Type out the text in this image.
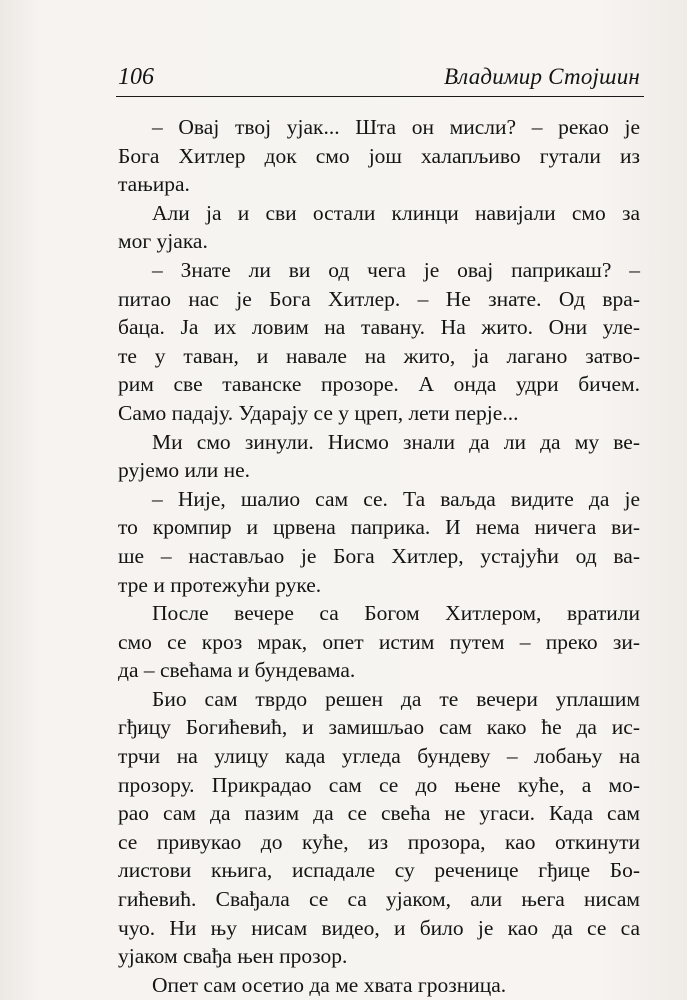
106	Владимир Стојшин

– Овај твој ујак... Шта он мисли? – рекао је
Бога Хитлер док смо још халапљиво гутали из
тањира.

Али ја и сви остали клинци навијали смо за
мог ујака.

– Знате ли ви од чега је овај паприкаш? –
питао нас је Бога Хитлер. – Не знате. Од вра-
баца. Ја их ловим на тавану. На жито. Они уле-
те у таван, и навале на жито, ја лагано затво-
рим све таванске прозоре. А онда удри бичем.
Само падају. Ударају се у цреп, лети перје...

Ми смо зинули. Нисмо знали да ли да му ве-
рујемо или не.

– Није, шалио сам се. Та ваљда видите да је
то кромпир и црвена паприка. И нема ничега ви-
ше – настављао је Бога Хитлер, устајући од ва-
тре и протежући руке.

После вечере са Богом Хитлером, вратили
смо се кроз мрак, опет истим путем – преко зи-
да – свећама и бундевама.

Био сам тврдо решен да те вечери уплашим
гђицу Богићевић, и замишљао сам како ће да ис-
трчи на улицу када угледа бундеву – лобању на
прозору. Прикрадао сам се до њене куће, а мо-
рао сам да пазим да се свећа не угаси. Када сам
се привукао до куће, из прозора, као откинути
листови књига, испадале су реченице гђице Бо-
гићевић. Свађала се са ујаком, али њега нисам
чуо. Ни њу нисам видео, и било је као да се са
ујаком свађа њен прозор.

Опет сам осетио да ме хвата грозница.
